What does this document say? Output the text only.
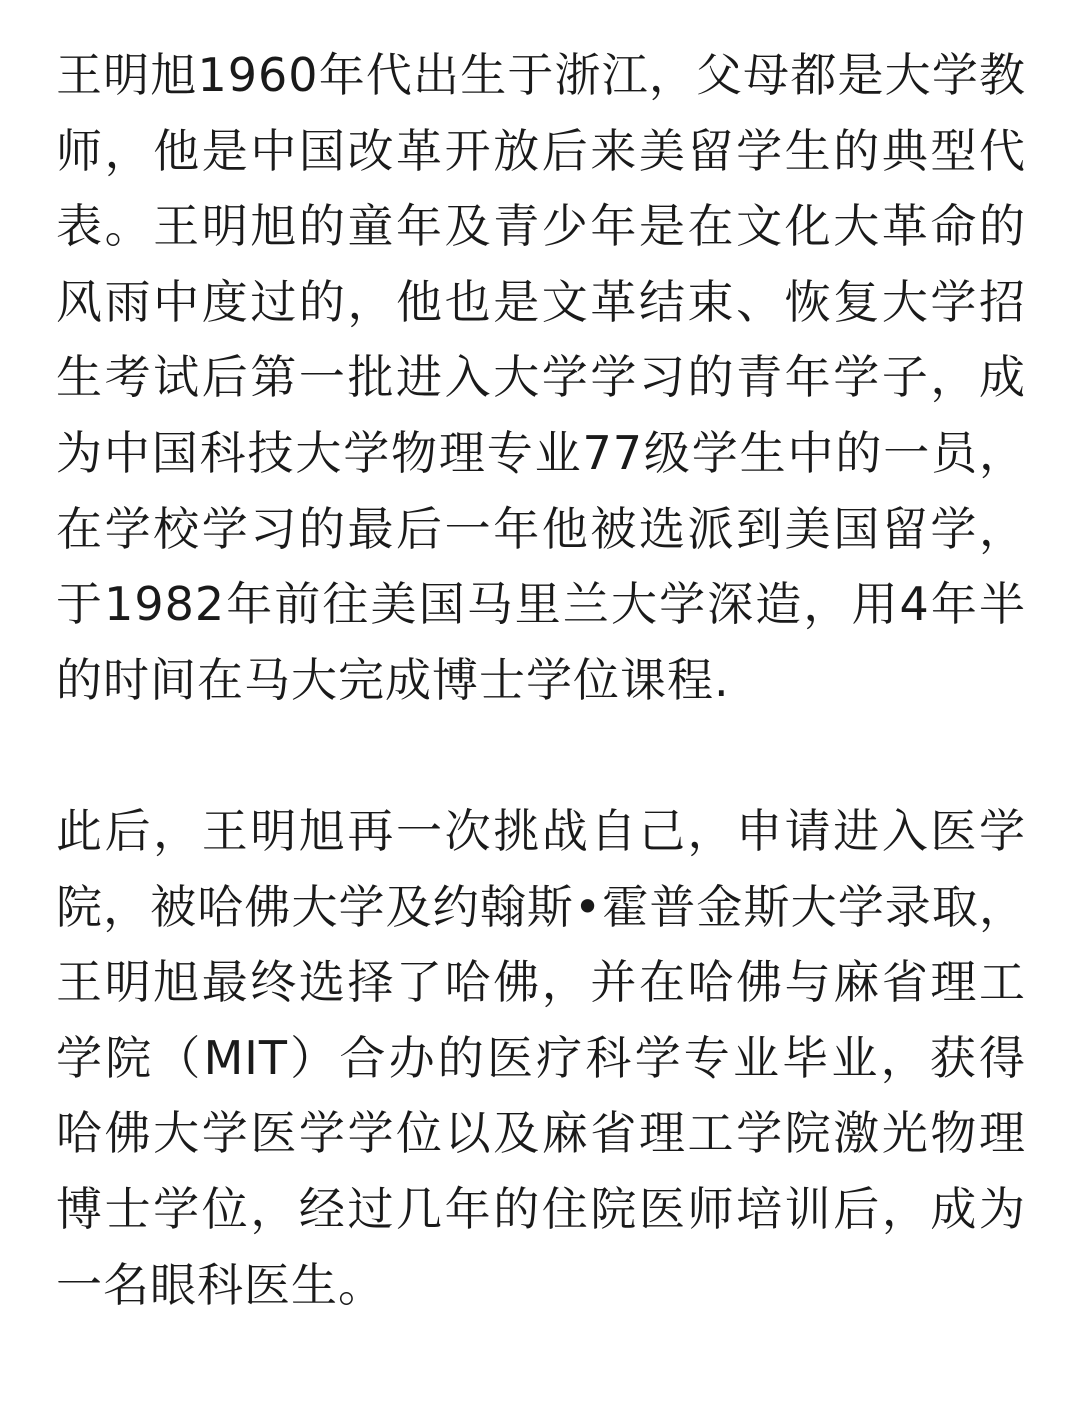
王明旭1960年代出生于浙江，父母都是大学教师，他是中国改革开放后来美留学生的典型代表。王明旭的童年及青少年是在文化大革命的风雨中度过的，他也是文革结束、恢复大学招生考试后第一批进入大学学习的青年学子，成为中国科技大学物理专业77级学生中的一员，在学校学习的最后一年他被选派到美国留学，于1982年前往美国马里兰大学深造，用4年半的时间在马大完成博士学位课程.

此后，王明旭再一次挑战自己，申请进入医学院，被哈佛大学及约翰斯•霍普金斯大学录取，王明旭最终选择了哈佛，并在哈佛与麻省理工学院（MIT）合办的医疗科学专业毕业，获得哈佛大学医学学位以及麻省理工学院激光物理博士学位，经过几年的住院医师培训后，成为一名眼科医生。
